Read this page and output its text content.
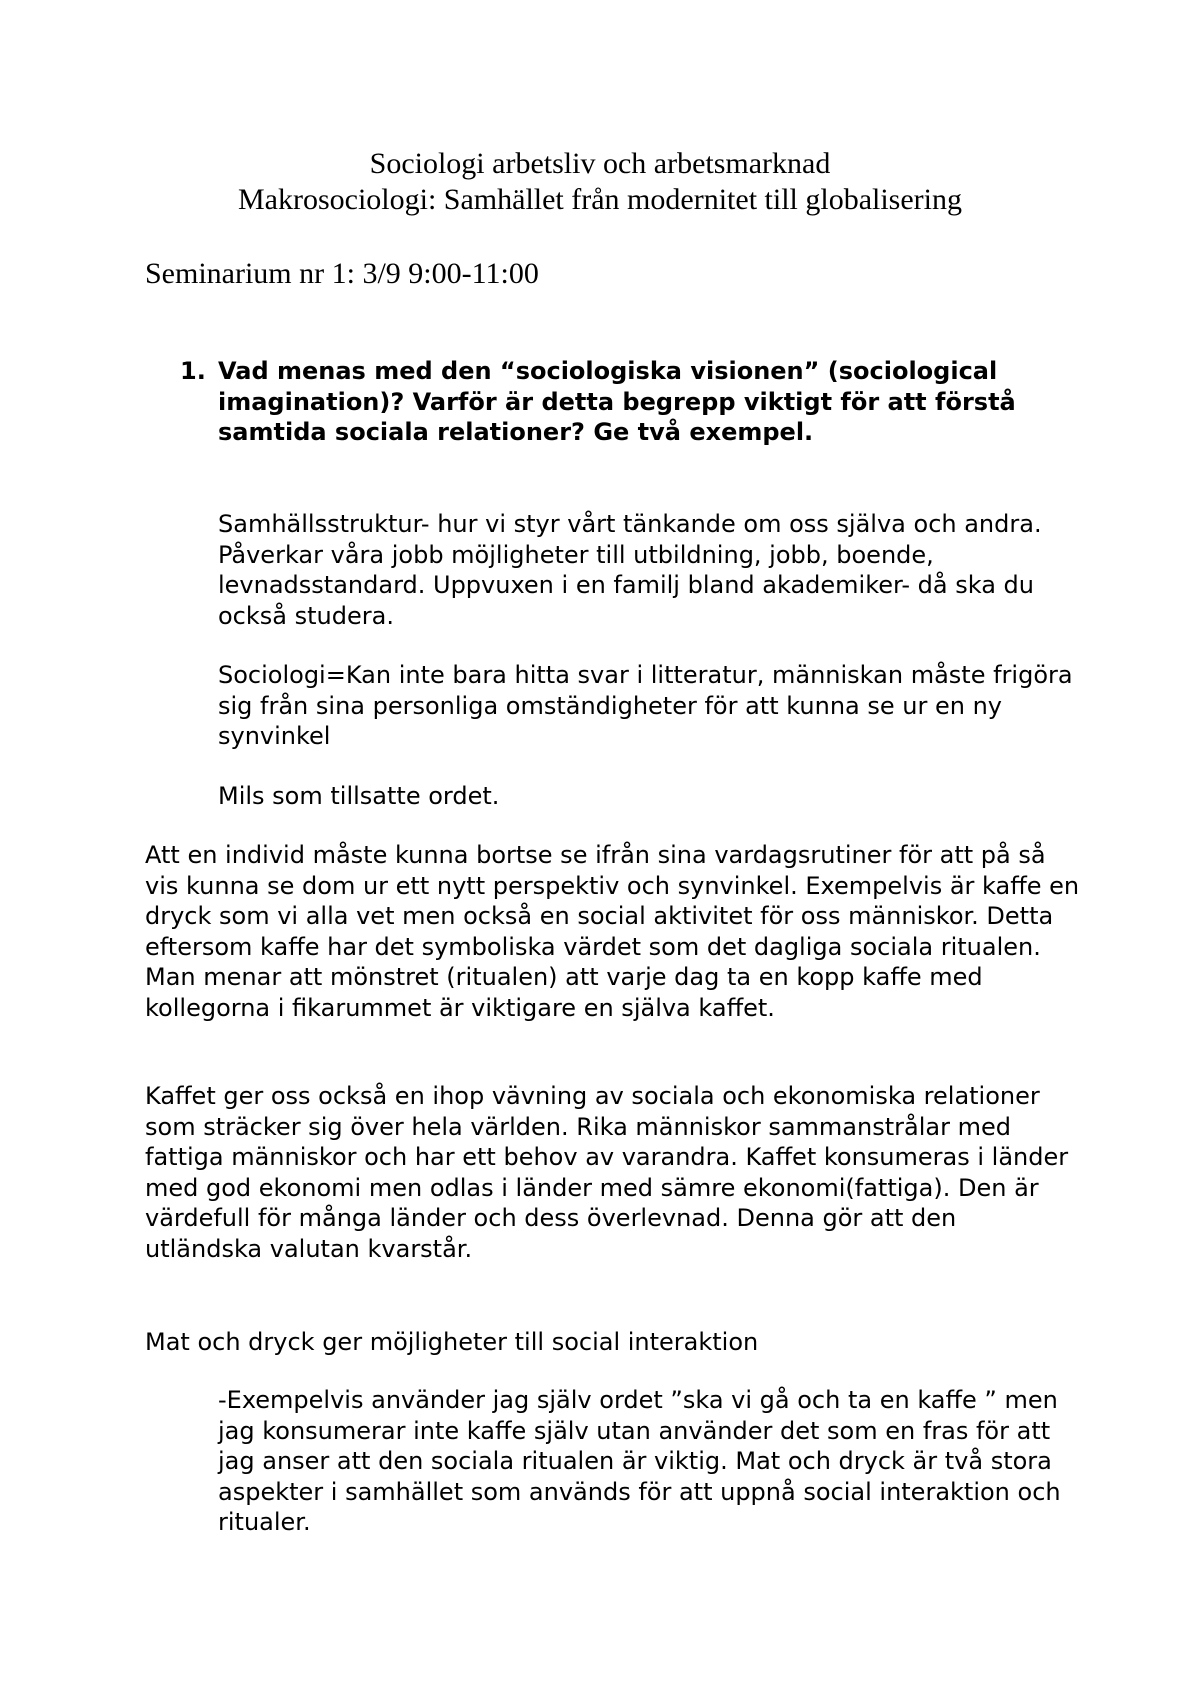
Sociologi arbetsliv och arbetsmarknad
Makrosociologi: Samhället från modernitet till globalisering
Seminarium nr 1: 3/9 9:00-11:00
1. Vad menas med den “sociologiska visionen” (sociological imagination)? Varför är detta begrepp viktigt för att förstå samtida sociala relationer? Ge två exempel.

Samhällsstruktur- hur vi styr vårt tänkande om oss själva och andra. Påverkar våra jobb möjligheter till utbildning, jobb, boende, levnadsstandard. Uppvuxen i en familj bland akademiker- då ska du också studera.

Sociologi=Kan inte bara hitta svar i litteratur, människan måste frigöra sig från sina personliga omständigheter för att kunna se ur en ny synvinkel

Mils som tillsatte ordet.

Att en individ måste kunna bortse se ifrån sina vardagsrutiner för att på så vis kunna se dom ur ett nytt perspektiv och synvinkel. Exempelvis är kaffe en dryck som vi alla vet men också en social aktivitet för oss människor. Detta eftersom kaffe har det symboliska värdet som det dagliga sociala ritualen. Man menar att mönstret (ritualen) att varje dag ta en kopp kaffe med kollegorna i fikarummet är viktigare en själva kaffet.

Kaffet ger oss också en ihop vävning av sociala och ekonomiska relationer som sträcker sig över hela världen. Rika människor sammanstrålar med fattiga människor och har ett behov av varandra. Kaffet konsumeras i länder med god ekonomi men odlas i länder med sämre ekonomi(fattiga). Den är värdefull för många länder och dess överlevnad. Denna gör att den utländska valutan kvarstår.

Mat och dryck ger möjligheter till social interaktion

-Exempelvis använder jag själv ordet ”ska vi gå och ta en kaffe ” men jag konsumerar inte kaffe själv utan använder det som en fras för att jag anser att den sociala ritualen är viktig. Mat och dryck är två stora aspekter i samhället som används för att uppnå social interaktion och ritualer.
